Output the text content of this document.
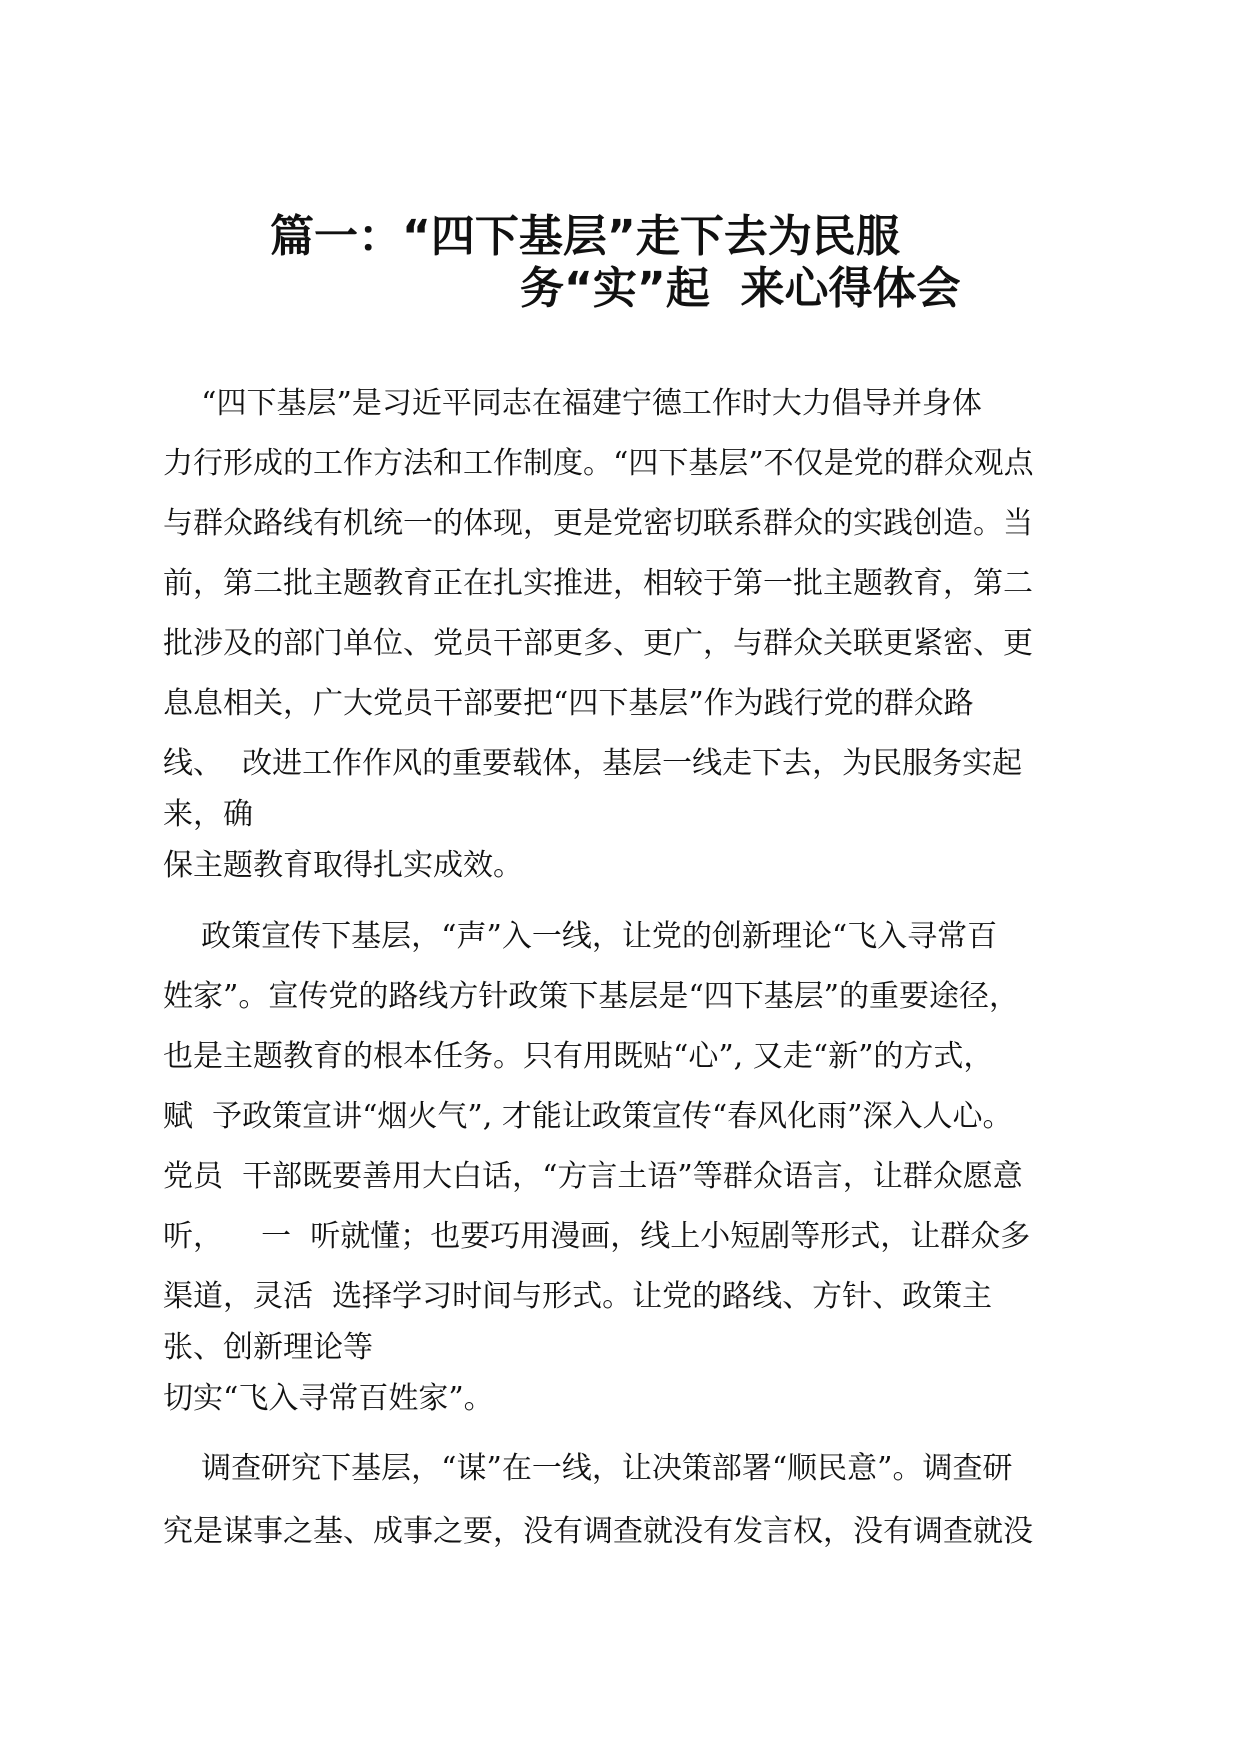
篇一：“四下基层”走下去为民服

务“实”起  来心得体会

“四下基层”是习近平同志在福建宁德工作时大力倡导并身体
力行形成的工作方法和工作制度。“四下基层”不仅是党的群众观点
与群众路线有机统一的体现，更是党密切联系群众的实践创造。当
前，第二批主题教育正在扎实推进，相较于第一批主题教育，第二
批涉及的部门单位、党员干部更多、更广，与群众关联更紧密、更
息息相关，广大党员干部要把“四下基层”作为践行党的群众路
线、  改进工作作风的重要载体，基层一线走下去，为民服务实起
来，确
保主题教育取得扎实成效。
政策宣传下基层，“声”入一线，让党的创新理论“飞入寻常百
姓家”。宣传党的路线方针政策下基层是“四下基层”的重要途径，
也是主题教育的根本任务。只有用既贴“心”, 又走“新”的方式，
赋  予政策宣讲“烟火气”, 才能让政策宣传“春风化雨”深入人心。
党员  干部既要善用大白话，“方言土语”等群众语言，让群众愿意
听，    一  听就懂；也要巧用漫画，线上小短剧等形式，让群众多
渠道，灵活  选择学习时间与形式。让党的路线、方针、政策主
张、创新理论等
切实“飞入寻常百姓家”。
调查研究下基层，“谋”在一线，让决策部署“顺民意”。调查研
究是谋事之基、成事之要，没有调查就没有发言权，没有调查就没
